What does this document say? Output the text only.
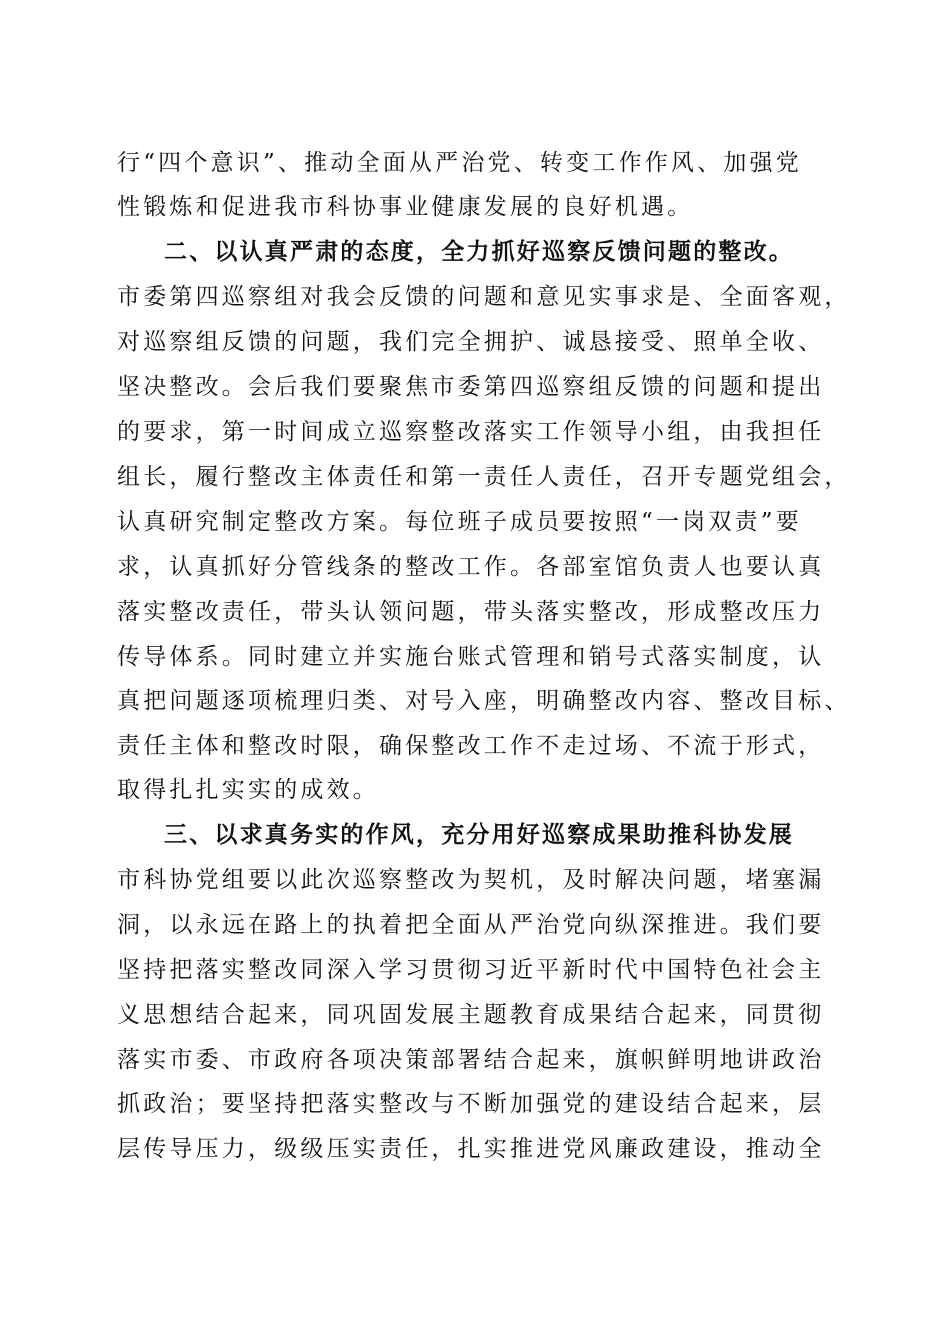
行“四个意识”、推动全面从严治党、转变工作作风、加强党
性锻炼和促进我市科协事业健康发展的良好机遇。
二、以认真严肃的态度，全力抓好巡察反馈问题的整改。
市委第四巡察组对我会反馈的问题和意见实事求是、全面客观，
对巡察组反馈的问题，我们完全拥护、诚恳接受、照单全收、
坚决整改。会后我们要聚焦市委第四巡察组反馈的问题和提出
的要求，第一时间成立巡察整改落实工作领导小组，由我担任
组长，履行整改主体责任和第一责任人责任，召开专题党组会，
认真研究制定整改方案。每位班子成员要按照“一岗双责”要
求，认真抓好分管线条的整改工作。各部室馆负责人也要认真
落实整改责任，带头认领问题，带头落实整改，形成整改压力
传导体系。同时建立并实施台账式管理和销号式落实制度，认
真把问题逐项梳理归类、对号入座，明确整改内容、整改目标、
责任主体和整改时限，确保整改工作不走过场、不流于形式，
取得扎扎实实的成效。
三、以求真务实的作风，充分用好巡察成果助推科协发展
市科协党组要以此次巡察整改为契机，及时解决问题，堵塞漏
洞，以永远在路上的执着把全面从严治党向纵深推进。我们要
坚持把落实整改同深入学习贯彻习近平新时代中国特色社会主
义思想结合起来，同巩固发展主题教育成果结合起来，同贯彻
落实市委、市政府各项决策部署结合起来，旗帜鲜明地讲政治
抓政治；要坚持把落实整改与不断加强党的建设结合起来，层
层传导压力，级级压实责任，扎实推进党风廉政建设，推动全
